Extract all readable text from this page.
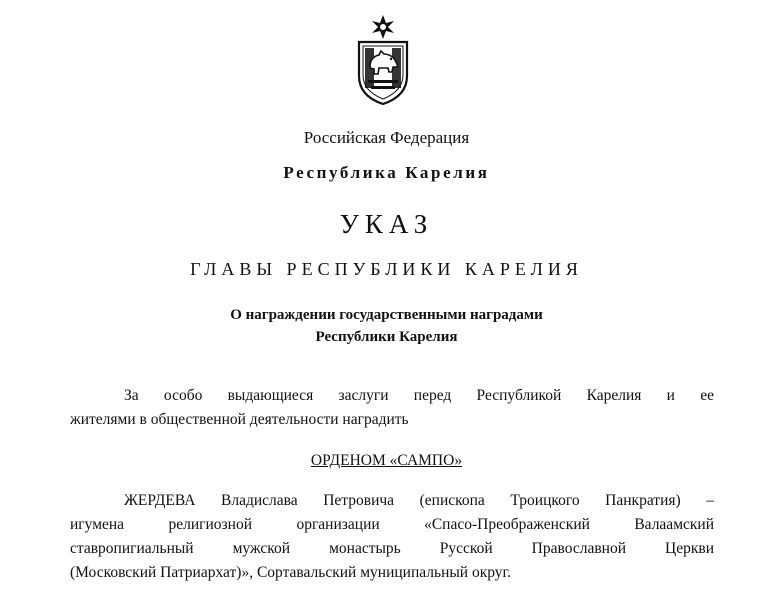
Российская Федерация
Республика Карелия
УКАЗ
ГЛАВЫ РЕСПУБЛИКИ КАРЕЛИЯ
О награждении государственными наградами
Республики Карелия
За особо выдающиеся заслуги перед Республикой Карелия и ее
жителями в общественной деятельности наградить
ОРДЕНОМ «САМПО»
ЖЕРДЕВА Владислава Петровича (епископа Троицкого Панкратия) –
игумена религиозной организации «Спасо-Преображенский Валаамский
ставропигиальный мужской монастырь Русской Православной Церкви
(Московский Патриархат)», Сортавальский муниципальный округ.
